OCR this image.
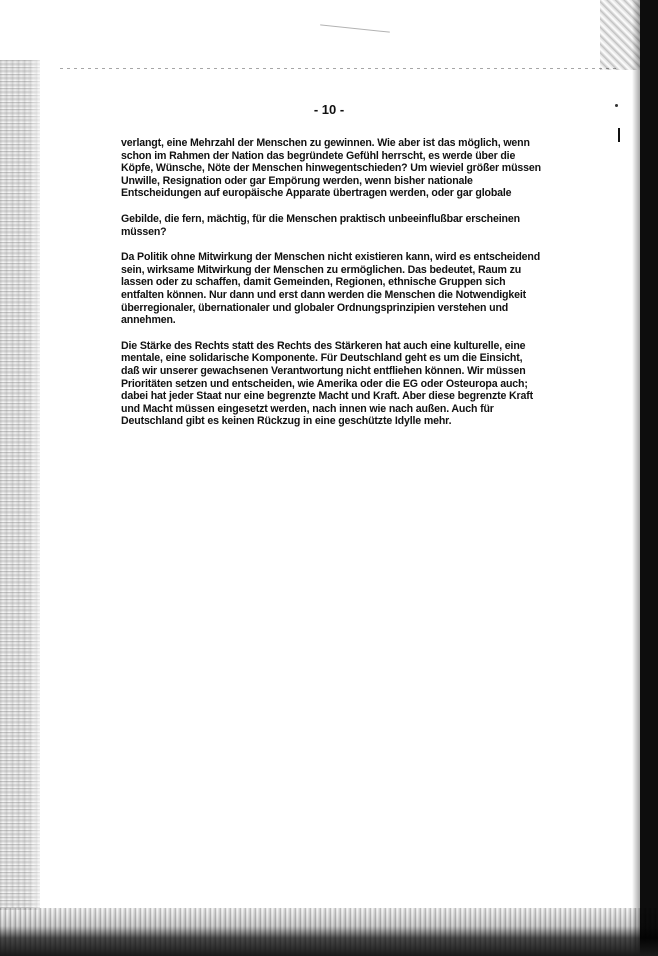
- 10 -

verlangt, eine Mehrzahl der Menschen zu gewinnen. Wie aber ist das möglich, wenn
schon im Rahmen der Nation das begründete Gefühl herrscht, es werde über die
Köpfe, Wünsche, Nöte der Menschen hinwegentschieden? Um wieviel größer müssen
Unwille, Resignation oder gar Empörung werden, wenn bisher nationale
Entscheidungen auf europäische Apparate übertragen werden, oder gar globale

Gebilde, die fern, mächtig, für die Menschen praktisch unbeeinflußbar erscheinen
müssen?

Da Politik ohne Mitwirkung der Menschen nicht existieren kann, wird es entscheidend
sein, wirksame Mitwirkung der Menschen zu ermöglichen. Das bedeutet, Raum zu
lassen oder zu schaffen, damit Gemeinden, Regionen, ethnische Gruppen sich
entfalten können. Nur dann und erst dann werden die Menschen die Notwendigkeit
überregionaler, übernationaler und globaler Ordnungsprinzipien verstehen und
annehmen.

Die Stärke des Rechts statt des Rechts des Stärkeren hat auch eine kulturelle, eine
mentale, eine solidarische Komponente. Für Deutschland geht es um die Einsicht,
daß wir unserer gewachsenen Verantwortung nicht entfliehen können. Wir müssen
Prioritäten setzen und entscheiden, wie Amerika oder die EG oder Osteuropa auch;
dabei hat jeder Staat nur eine begrenzte Macht und Kraft. Aber diese begrenzte Kraft
und Macht müssen eingesetzt werden, nach innen wie nach außen. Auch für
Deutschland gibt es keinen Rückzug in eine geschützte Idylle mehr.
